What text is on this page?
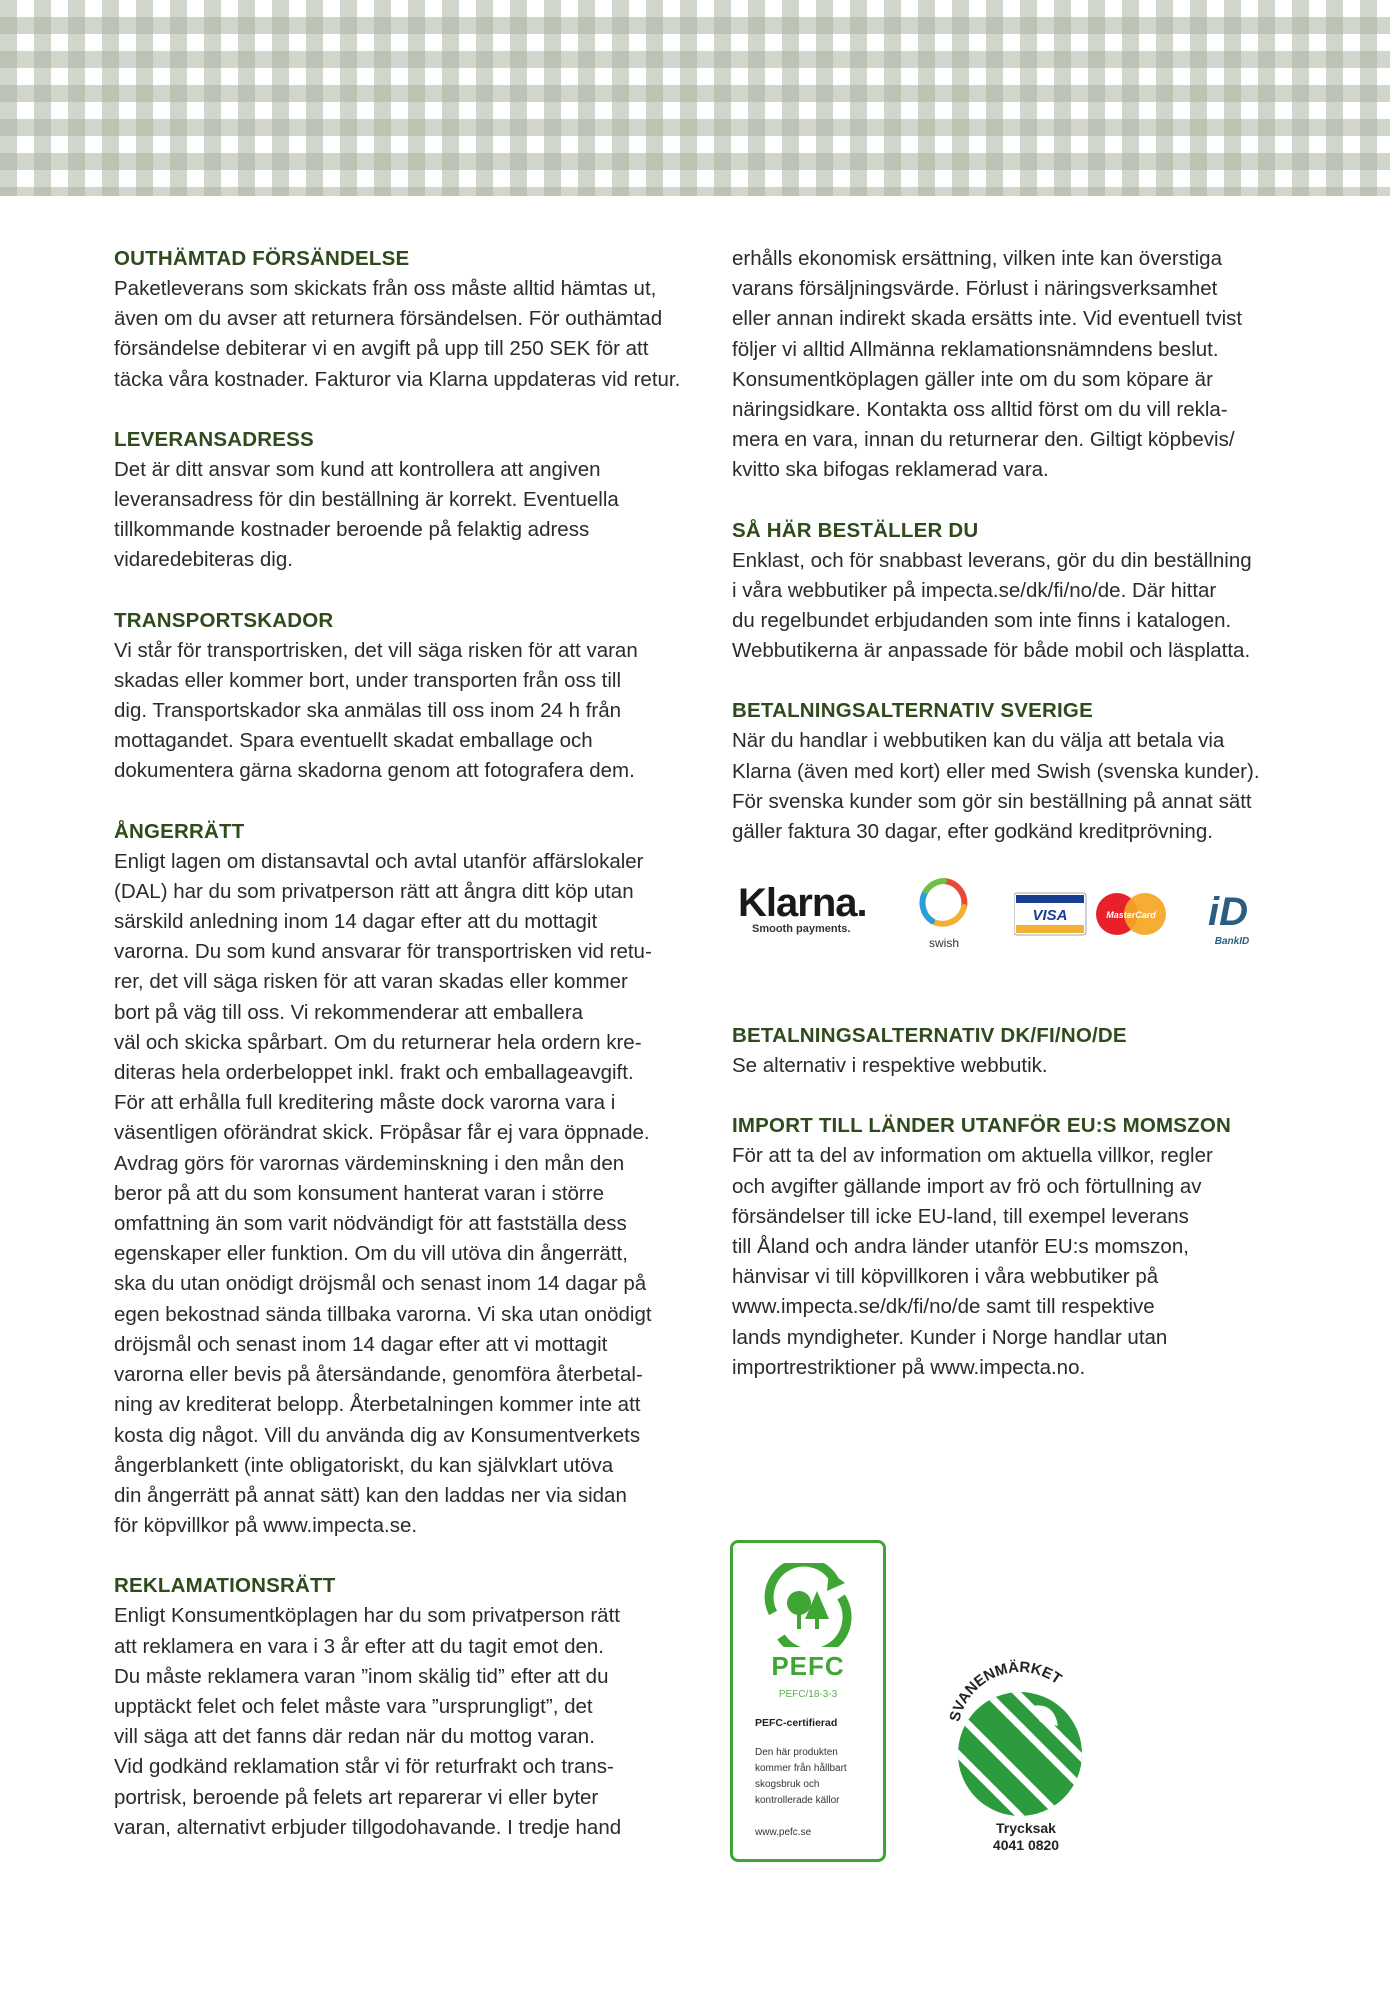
OUTHÄMTAD FÖRSÄNDELSE

Paketleverans som skickats från oss måste alltid hämtas ut,

även om du avser att returnera försändelsen. För outhämtad

försändelse debiterar vi en avgift på upp till 250 SEK för att

täcka våra kostnader. Fakturor via Klarna uppdateras vid retur.

LEVERANSADRESS

Det är ditt ansvar som kund att kontrollera att angiven

leveransadress för din beställning är korrekt. Eventuella

tillkommande kostnader beroende på felaktig adress

vidaredebiteras dig.

TRANSPORTSKADOR

Vi står för transportrisken, det vill säga risken för att varan

skadas eller kommer bort, under transporten från oss till

dig. Transportskador ska anmälas till oss inom 24 h från

mottagandet. Spara eventuellt skadat emballage och

dokumentera gärna skadorna genom att fotografera dem.

ÅNGERRÄTT

Enligt lagen om distansavtal och avtal utanför affärslokaler

(DAL) har du som privatperson rätt att ångra ditt köp utan

särskild anledning inom 14 dagar efter att du mottagit

varorna. Du som kund ansvarar för transportrisken vid retu-

rer, det vill säga risken för att varan skadas eller kommer

bort på väg till oss. Vi rekommenderar att emballera

väl och skicka spårbart. Om du returnerar hela ordern kre-

diteras hela orderbeloppet inkl. frakt och emballageavgift.

För att erhålla full kreditering måste dock varorna vara i

väsentligen oförändrat skick. Fröpåsar får ej vara öppnade.

Avdrag görs för varornas värdeminskning i den mån den

beror på att du som konsument hanterat varan i större

omfattning än som varit nödvändigt för att fastställa dess

egenskaper eller funktion. Om du vill utöva din ångerrätt,

ska du utan onödigt dröjsmål och senast inom 14 dagar på

egen bekostnad sända tillbaka varorna. Vi ska utan onödigt

dröjsmål och senast inom 14 dagar efter att vi mottagit

varorna eller bevis på återsändande, genomföra återbetal-

ning av krediterat belopp. Återbetalningen kommer inte att

kosta dig något. Vill du använda dig av Konsumentverkets

ångerblankett (inte obligatoriskt, du kan självklart utöva

din ångerrätt på annat sätt) kan den laddas ner via sidan

för köpvillkor på www.impecta.se.

REKLAMATIONSRÄTT

Enligt Konsumentköplagen har du som privatperson rätt

att reklamera en vara i 3 år efter att du tagit emot den.

Du måste reklamera varan ”inom skälig tid” efter att du

upptäckt felet och felet måste vara ”ursprungligt”, det

vill säga att det fanns där redan när du mottog varan.

Vid godkänd reklamation står vi för returfrakt och trans-

portrisk, beroende på felets art reparerar vi eller byter

varan, alternativt erbjuder tillgodohavande. I tredje hand

erhålls ekonomisk ersättning, vilken inte kan överstiga

varans försäljningsvärde. Förlust i näringsverksamhet

eller annan indirekt skada ersätts inte. Vid eventuell tvist

följer vi alltid Allmänna reklamationsnämndens beslut.

Konsumentköplagen gäller inte om du som köpare är

näringsidkare. Kontakta oss alltid först om du vill rekla-

mera en vara, innan du returnerar den. Giltigt köpbevis/

kvitto ska bifogas reklamerad vara.

SÅ HÄR BESTÄLLER DU

Enklast, och för snabbast leverans, gör du din beställning

i våra webbutiker på impecta.se/dk/fi/no/de. Där hittar

du regelbundet erbjudanden som inte finns i katalogen.

Webbutikerna är anpassade för både mobil och läsplatta.

BETALNINGSALTERNATIV SVERIGE

När du handlar i webbutiken kan du välja att betala via

Klarna (även med kort) eller med Swish (svenska kunder).

För svenska kunder som gör sin beställning på annat sätt

gäller faktura 30 dagar, efter godkänd kreditprövning.

Klarna.
Smooth payments.
swish
VISA	MasterCard iD
BankID
BETALNINGSALTERNATIV DK/FI/NO/DE

Se alternativ i respektive webbutik.

IMPORT TILL LÄNDER UTANFÖR EU:S MOMSZON

För att ta del av information om aktuella villkor, regler

och avgifter gällande import av frö och förtullning av

försändelser till icke EU-land, till exempel leverans

till Åland och andra länder utanför EU:s momszon,

hänvisar vi till köpvillkoren i våra webbutiker på

www.impecta.se/dk/fi/no/de samt till respektive

lands myndigheter. Kunder i Norge handlar utan

importrestriktioner på www.impecta.no.

PEFC
PEFC/18-3-3
PEFC-certifierad
Den här produkten
kommer från hållbart
skogsbruk och
kontrollerade källor
www.pefc.se
SVANENMÄRKET
Trycksak
4041 0820
